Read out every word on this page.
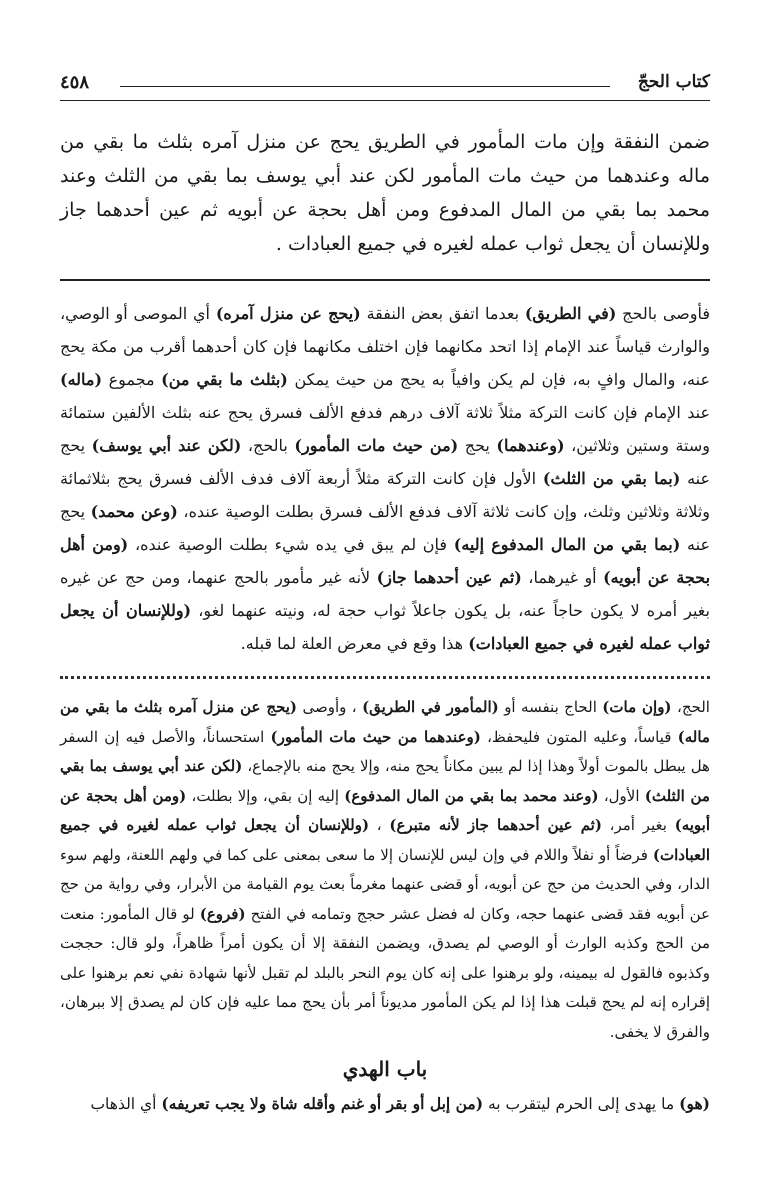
كتاب الحجّ
٤٥٨
ضمن النفقة وإن مات المأمور في الطريق يحج عن منزل آمره بثلث ما بقي من ماله وعندهما من حيث مات المأمور لكن عند أبي يوسف بما بقي من الثلث وعند محمد بما بقي من المال المدفوع ومن أهل بحجة عن أبويه ثم عين أحدهما جاز وللإنسان أن يجعل ثواب عمله لغيره في جميع العبادات .
فأوصى بالحج (في الطريق) بعدما اتفق بعض النفقة (يحج عن منزل آمره) أي الموصى أو الوصي، والوارث قياساً عند الإمام إذا اتحد مكانهما فإن اختلف مكانهما فإن كان أحدهما أقرب من مكة يحج عنه، والمال وافٍ به، فإن لم يكن وافياً به يحج من حيث يمكن (بثلث ما بقي من) مجموع (ماله) عند الإمام فإن كانت التركة مثلاً ثلاثة آلاف درهم فدفع الألف فسرق يحج عنه بثلث الألفين ستمائة وستة وستين وثلاثين، (وعندهما) يحج (من حيث مات المأمور) بالحج، (لكن عند أبي يوسف) يحج عنه (بما بقي من الثلث) الأول فإن كانت التركة مثلاً أربعة آلاف فدف الألف فسرق يحج بثلاثمائة وثلاثة وثلاثين وثلث، وإن كانت ثلاثة آلاف فدفع الألف فسرق بطلت الوصية عنده، (وعن محمد) يحج عنه (بما بقي من المال المدفوع إليه) فإن لم يبق في يده شيء بطلت الوصية عنده، (ومن أهل بحجة عن أبويه) أو غيرهما، (ثم عين أحدهما جاز) لأنه غير مأمور بالحج عنهما، ومن حج عن غيره بغير أمره لا يكون حاجاً عنه، بل يكون جاعلاً ثواب حجة له، ونيته عنهما لغو، (وللإنسان أن يجعل ثواب عمله لغيره في جميع العبادات) هذا وقع في معرض العلة لما قبله.
الحج، (وإن مات) الحاج بنفسه أو (المأمور في الطريق) ، وأوصى (يحج عن منزل آمره بثلث ما بقي من ماله) قياساً، وعليه المتون فليحفظ، (وعندهما من حيث مات المأمور) استحساناً، والأصل فيه إن السفر هل يبطل بالموت أولاً وهذا إذا لم يبين مكاناً يحج منه، وإلا يحج منه بالإجماع، (لكن عند أبي يوسف بما بقي من الثلث) الأول، (وعند محمد بما بقي من المال المدفوع) إليه إن بقي، وإلا بطلت، (ومن أهل بحجة عن أبويه) بغير أمر، (ثم عين أحدهما جاز لأنه متبرع) ، (وللإنسان أن يجعل ثواب عمله لغيره في جميع العبادات) فرضاً أو نفلاً واللام في وإن ليس للإنسان إلا ما سعى بمعنى على كما في ولهم اللعنة، ولهم سوء الدار، وفي الحديث من حج عن أبويه، أو قضى عنهما مغرماً بعث يوم القيامة من الأبرار، وفي رواية من حج عن أبويه فقد قضى عنهما حجه، وكان له فضل عشر حجج وتمامه في الفتح (فروع) لو قال المأمور: منعت من الحج وكذبه الوارث أو الوصي لم يصدق، ويضمن النفقة إلا أن يكون أمراً ظاهراً، ولو قال: حججت وكذبوه فالقول له بيمينه، ولو برهنوا على إنه كان يوم النحر بالبلد لم تقبل لأنها شهادة نفي نعم برهنوا على إقراره إنه لم يحج قبلت هذا إذا لم يكن المأمور مديوناً أمر بأن يحج مما عليه فإن كان لم يصدق إلا ببرهان، والفرق لا يخفى.
باب الهدي
(هو) ما يهدى إلى الحرم ليتقرب به (من إبل أو بقر أو غنم وأقله شاة ولا يجب تعريفه) أي الذهاب
